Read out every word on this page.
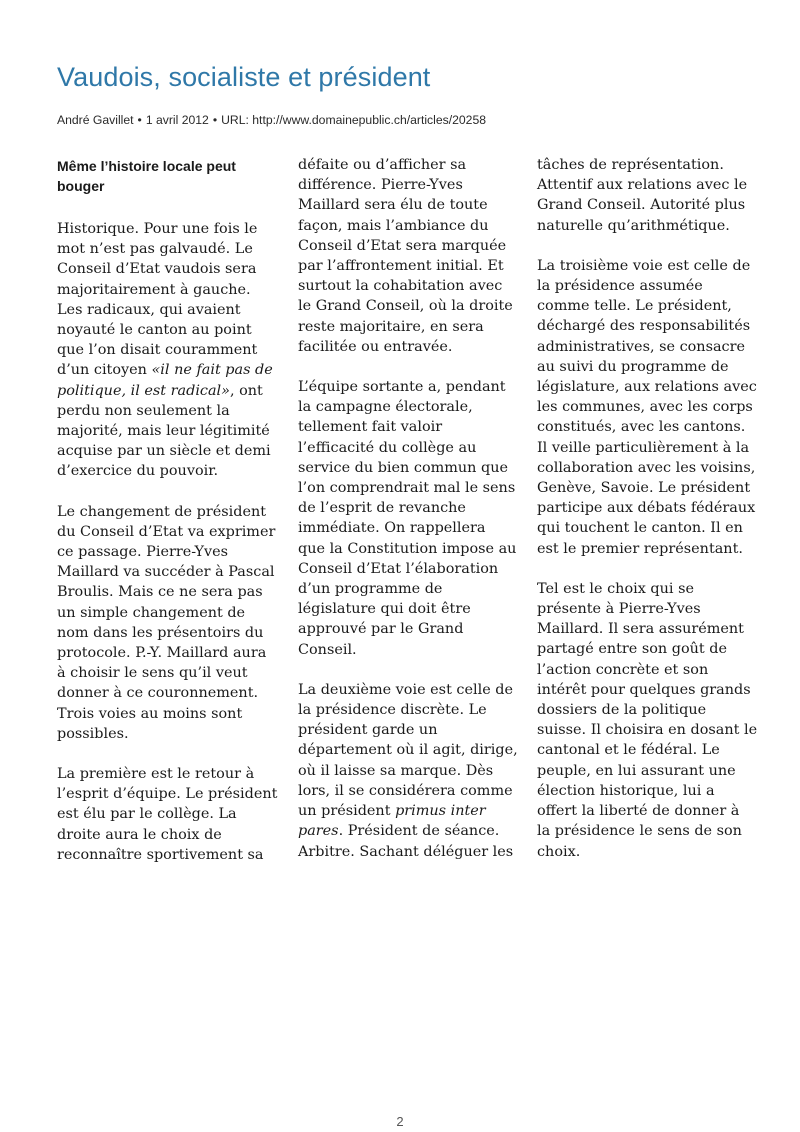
Vaudois, socialiste et président
André Gavillet • 1 avril 2012 • URL: http://www.domainepublic.ch/articles/20258
Même l’histoire locale peut
bouger

Historique. Pour une fois le
mot n’est pas galvaudé. Le
Conseil d’Etat vaudois sera
majoritairement à gauche.
Les radicaux, qui avaient
noyauté le canton au point
que l’on disait couramment
d’un citoyen «il ne fait pas de
politique, il est radical», ont
perdu non seulement la
majorité, mais leur légitimité
acquise par un siècle et demi
d’exercice du pouvoir.

Le changement de président
du Conseil d’Etat va exprimer
ce passage. Pierre-Yves
Maillard va succéder à Pascal
Broulis. Mais ce ne sera pas
un simple changement de
nom dans les présentoirs du
protocole. P.-Y. Maillard aura
à choisir le sens qu’il veut
donner à ce couronnement.
Trois voies au moins sont
possibles.

La première est le retour à
l’esprit d’équipe. Le président
est élu par le collège. La
droite aura le choix de
reconnaître sportivement sa

défaite ou d’afficher sa
différence. Pierre-Yves
Maillard sera élu de toute
façon, mais l’ambiance du
Conseil d’Etat sera marquée
par l’affrontement initial. Et
surtout la cohabitation avec
le Grand Conseil, où la droite
reste majoritaire, en sera
facilitée ou entravée.

L’équipe sortante a, pendant
la campagne électorale,
tellement fait valoir
l’efficacité du collège au
service du bien commun que
l’on comprendrait mal le sens
de l’esprit de revanche
immédiate. On rappellera
que la Constitution impose au
Conseil d’Etat l’élaboration
d’un programme de
législature qui doit être
approuvé par le Grand
Conseil.

La deuxième voie est celle de
la présidence discrète. Le
président garde un
département où il agit, dirige,
où il laisse sa marque. Dès
lors, il se considérera comme
un président primus inter
pares. Président de séance.
Arbitre. Sachant déléguer les

tâches de représentation.
Attentif aux relations avec le
Grand Conseil. Autorité plus
naturelle qu’arithmétique.

La troisième voie est celle de
la présidence assumée
comme telle. Le président,
déchargé des responsabilités
administratives, se consacre
au suivi du programme de
législature, aux relations avec
les communes, avec les corps
constitués, avec les cantons.
Il veille particulièrement à la
collaboration avec les voisins,
Genève, Savoie. Le président
participe aux débats fédéraux
qui touchent le canton. Il en
est le premier représentant.

Tel est le choix qui se
présente à Pierre-Yves
Maillard. Il sera assurément
partagé entre son goût de
l’action concrète et son
intérêt pour quelques grands
dossiers de la politique
suisse. Il choisira en dosant le
cantonal et le fédéral. Le
peuple, en lui assurant une
élection historique, lui a
offert la liberté de donner à
la présidence le sens de son
choix.

2
